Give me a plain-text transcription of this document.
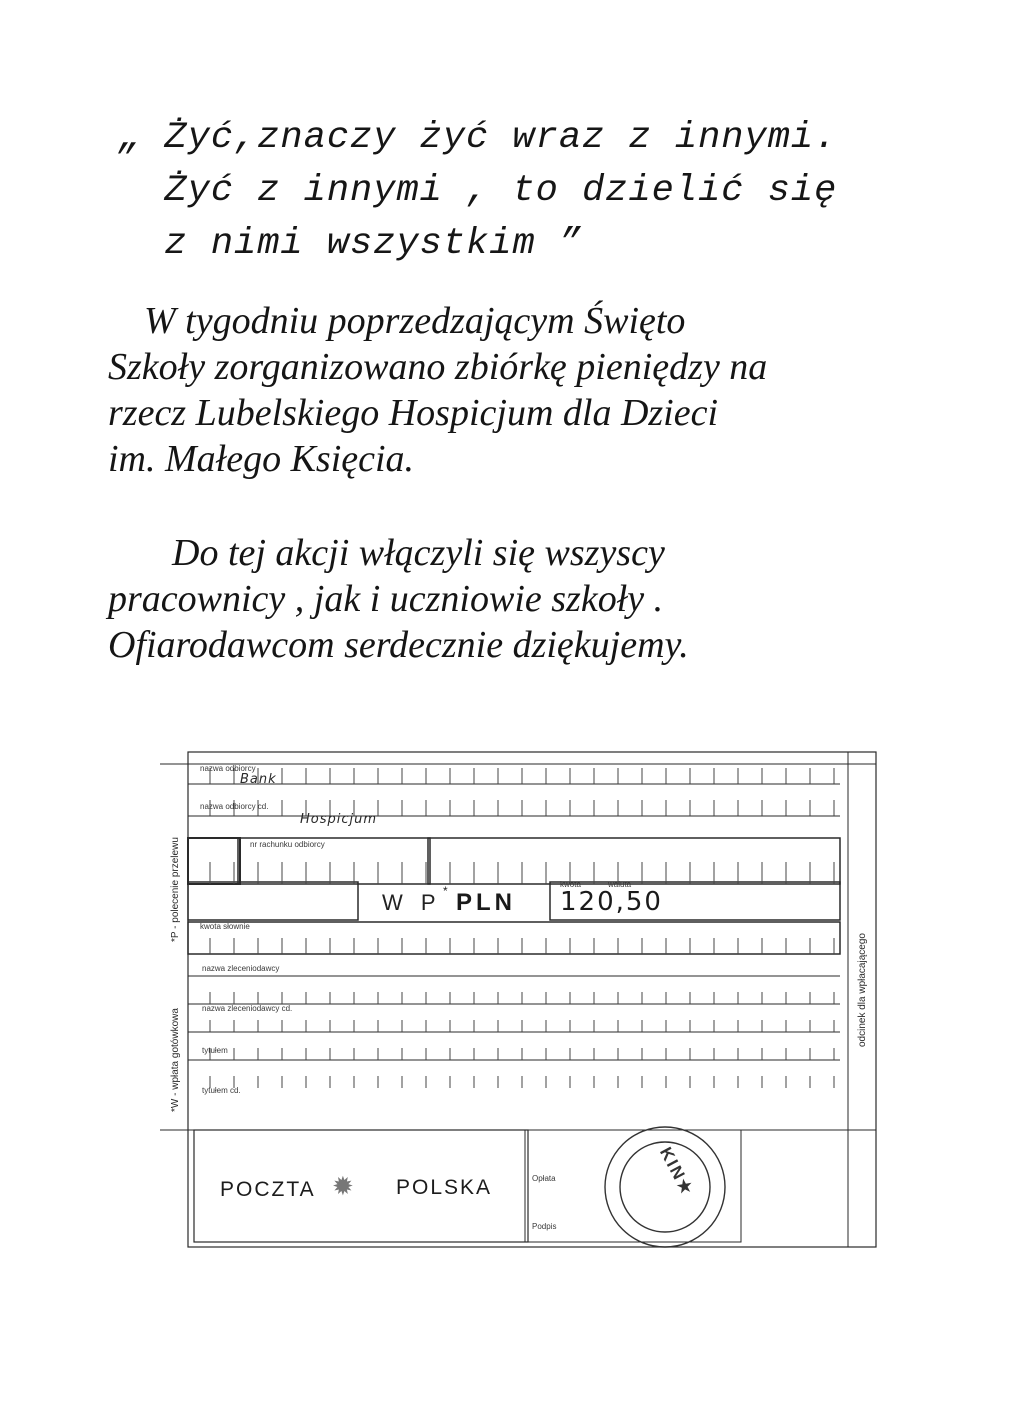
„ Żyć,znaczy żyć wraz z innymi.
Żyć z innymi , to dzielić się
z nimi wszystkim ”
W tygodniu poprzedzającym Święto
Szkoły zorganizowano zbiórkę pieniędzy na
rzecz Lubelskiego Hospicjum dla Dzieci
im. Małego Księcia.
Do tej akcji włączyli się wszyscy
pracownicy , jak i uczniowie szkoły .
Ofiarodawcom serdecznie dziękujemy.
nazwa odbiorcy
Bank
nazwa odbiorcy cd.
Hospicjum
nr rachunku odbiorcy
waluta
kwota
W P * PLN 120,50
kwota słownie
nazwa zleceniodawcy
nazwa zleceniodawcy cd.
tytułem
tytułem cd.
*P - polecenie przelewu
*W - wpłata gotówkowa
odcinek dla wpłacającego
POCZTA ✹ POLSKA	Opłata
Podpis
KIN★
